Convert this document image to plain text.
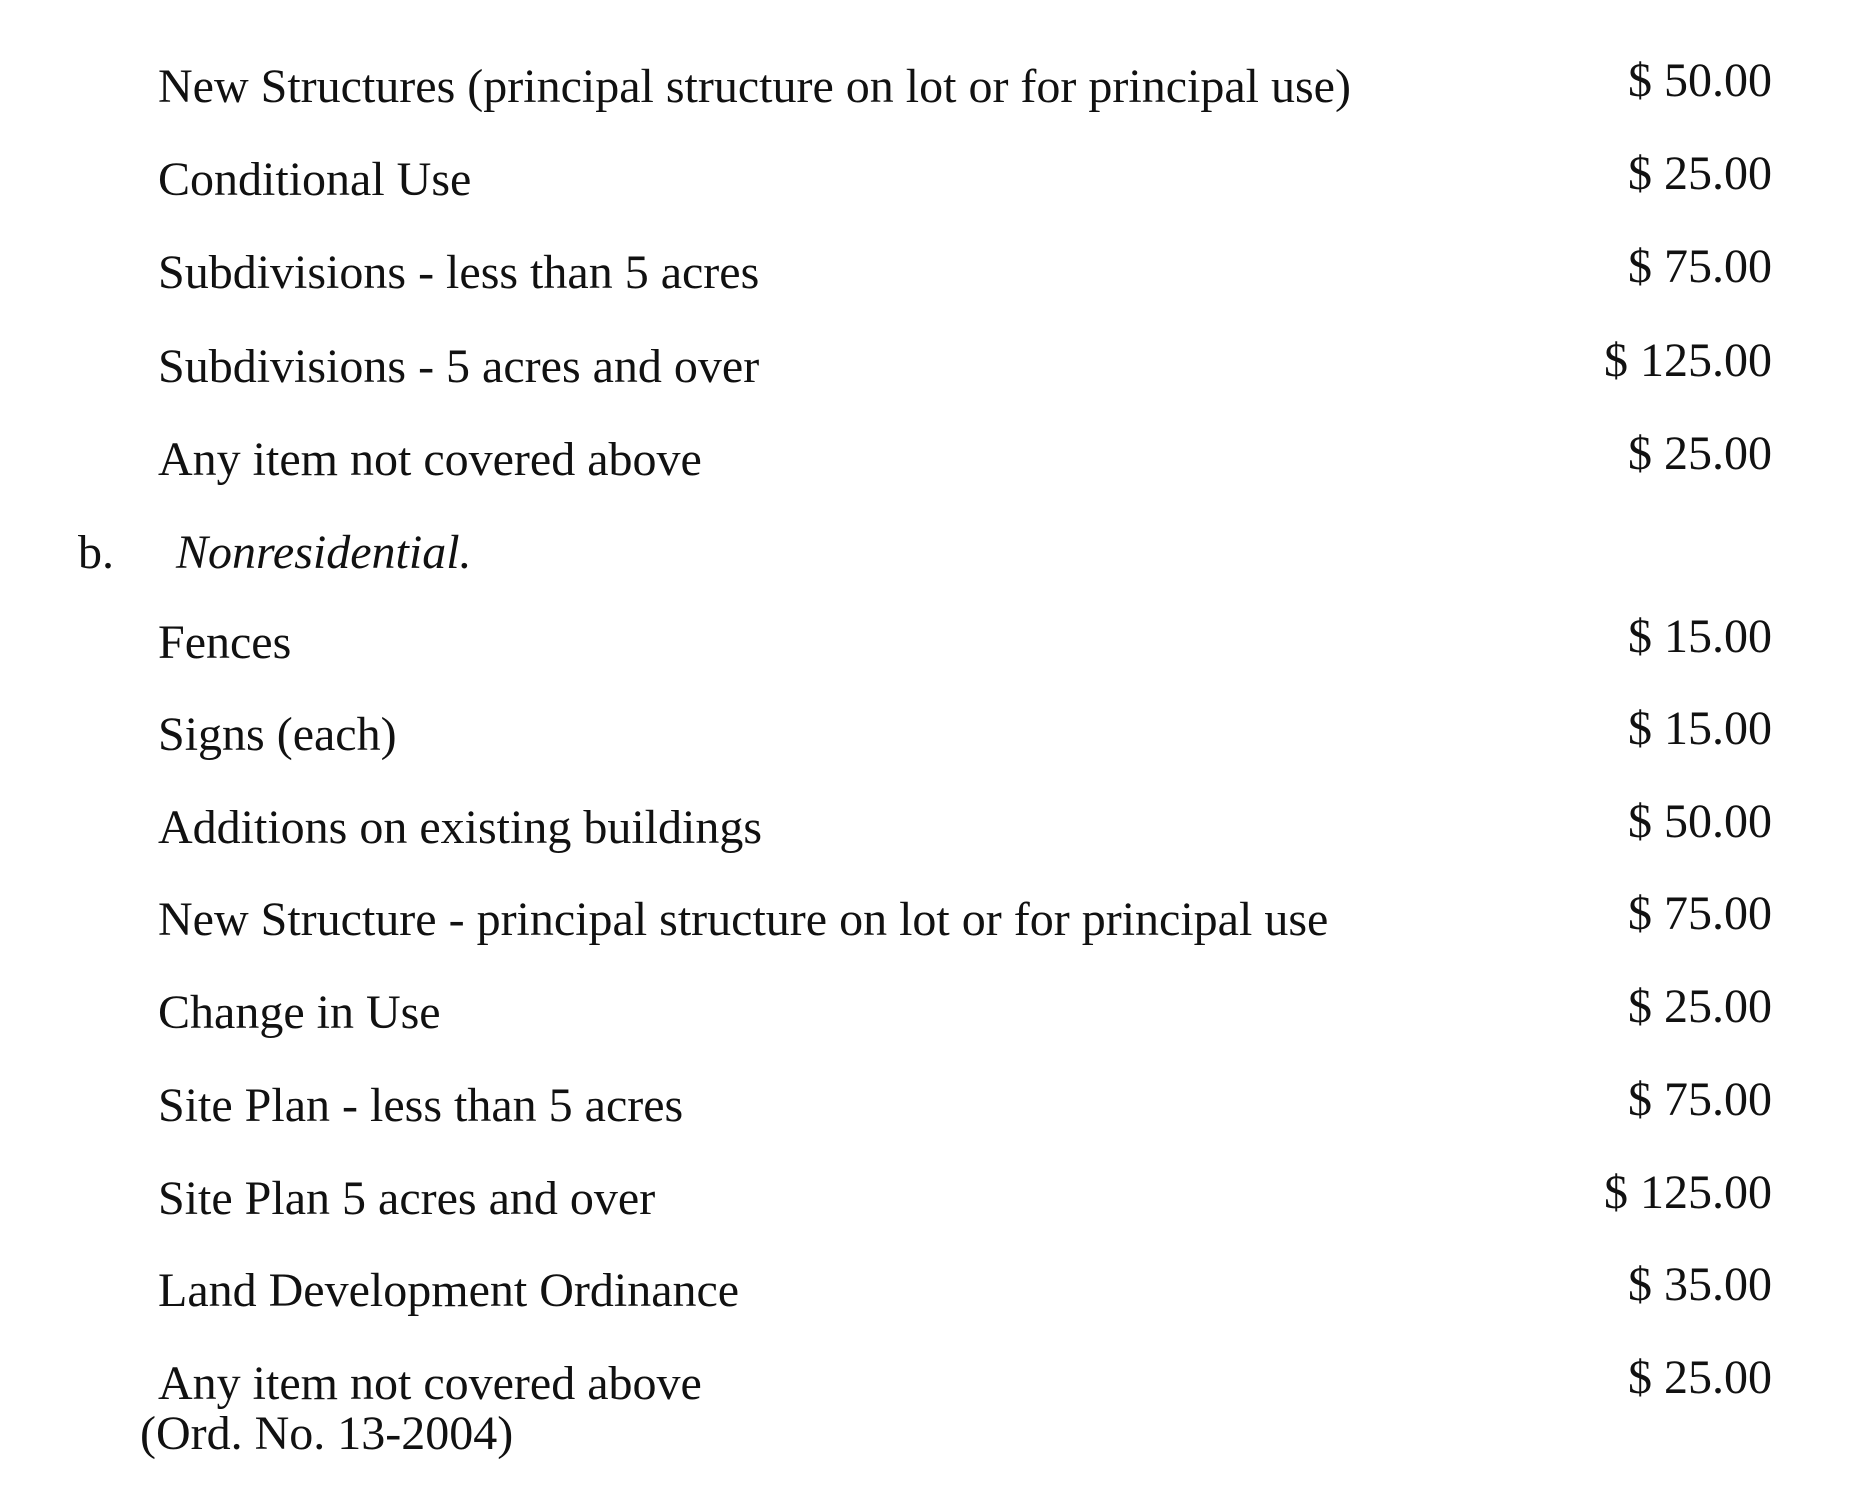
New Structures (principal structure on lot or for principal use)	$ 50.00
Conditional Use	$ 25.00
Subdivisions - less than 5 acres	$ 75.00
Subdivisions - 5 acres and over	$ 125.00
Any item not covered above	$ 25.00
b. Nonresidential.
Fences	$ 15.00
Signs (each)	$ 15.00
Additions on existing buildings	$ 50.00
New Structure - principal structure on lot or for principal use	$ 75.00
Change in Use	$ 25.00
Site Plan - less than 5 acres	$ 75.00
Site Plan 5 acres and over	$ 125.00
Land Development Ordinance	$ 35.00
Any item not covered above	$ 25.00
(Ord. No. 13-2004)
